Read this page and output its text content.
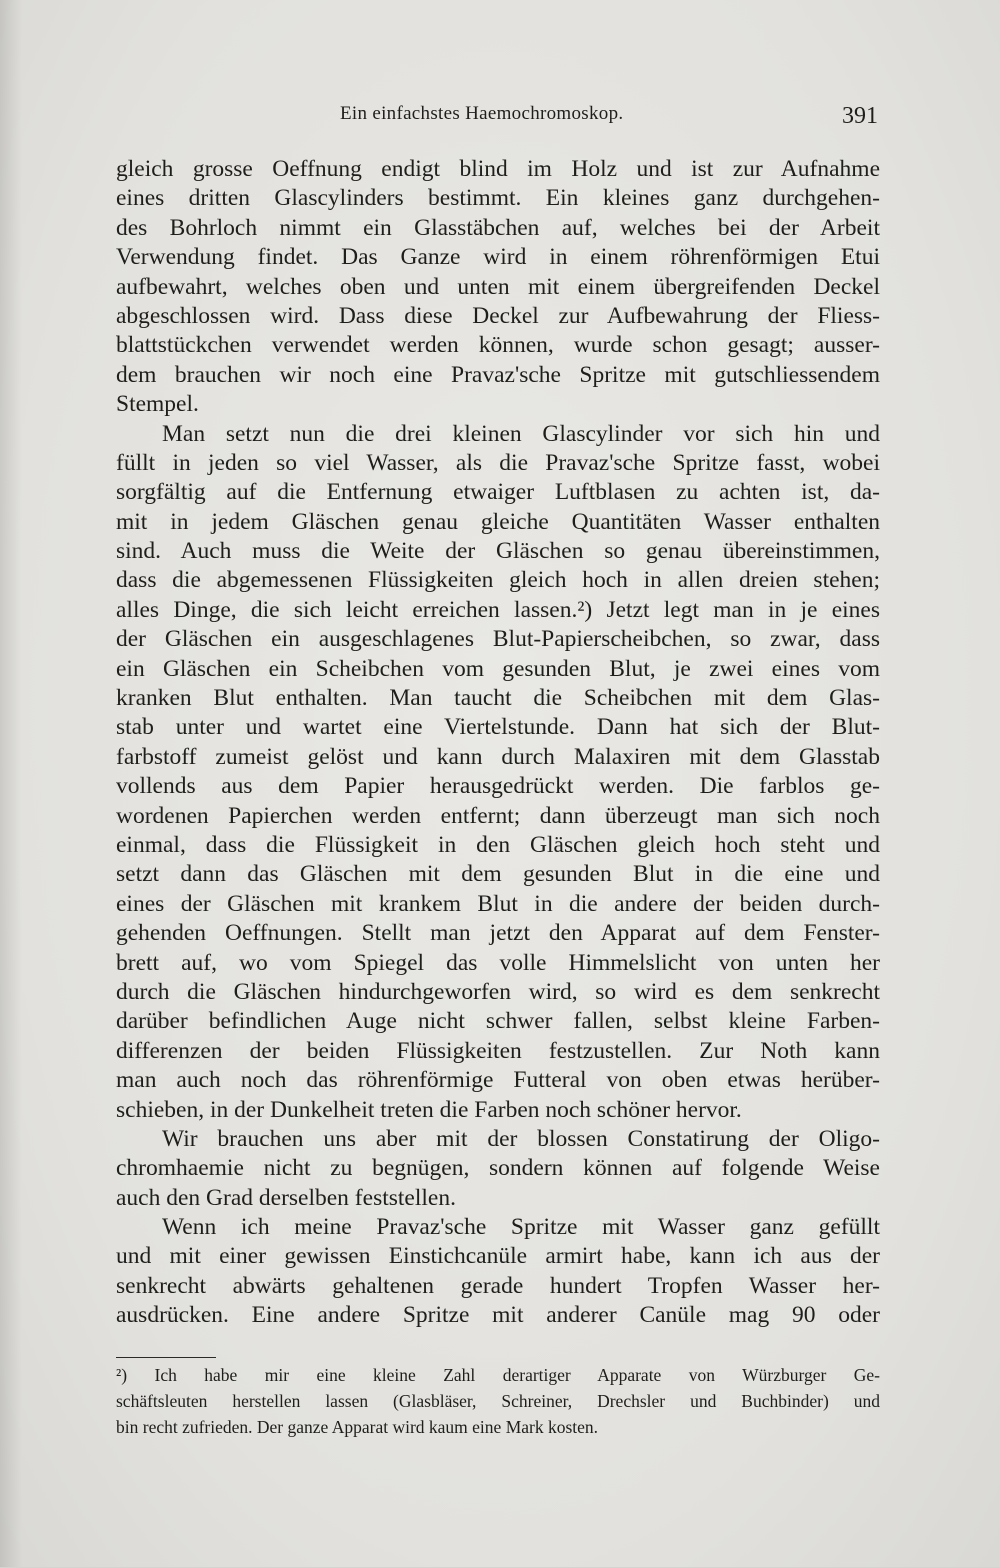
Ein einfachstes Haemochromoskop.	391
gleich grosse Oeffnung endigt blind im Holz und ist zur Aufnahme
eines dritten Glascylinders bestimmt. Ein kleines ganz durchgehen-
des Bohrloch nimmt ein Glasstäbchen auf, welches bei der Arbeit
Verwendung findet. Das Ganze wird in einem röhrenförmigen Etui
aufbewahrt, welches oben und unten mit einem übergreifenden Deckel
abgeschlossen wird. Dass diese Deckel zur Aufbewahrung der Fliess-
blattstückchen verwendet werden können, wurde schon gesagt; ausser-
dem brauchen wir noch eine Pravaz'sche Spritze mit gutschliessendem
Stempel.
Man setzt nun die drei kleinen Glascylinder vor sich hin und
füllt in jeden so viel Wasser, als die Pravaz'sche Spritze fasst, wobei
sorgfältig auf die Entfernung etwaiger Luftblasen zu achten ist, da-
mit in jedem Gläschen genau gleiche Quantitäten Wasser enthalten
sind. Auch muss die Weite der Gläschen so genau übereinstimmen,
dass die abgemessenen Flüssigkeiten gleich hoch in allen dreien stehen;
alles Dinge, die sich leicht erreichen lassen.²) Jetzt legt man in je eines
der Gläschen ein ausgeschlagenes Blut-Papierscheibchen, so zwar, dass
ein Gläschen ein Scheibchen vom gesunden Blut, je zwei eines vom
kranken Blut enthalten. Man taucht die Scheibchen mit dem Glas-
stab unter und wartet eine Viertelstunde. Dann hat sich der Blut-
farbstoff zumeist gelöst und kann durch Malaxiren mit dem Glasstab
vollends aus dem Papier herausgedrückt werden. Die farblos ge-
wordenen Papierchen werden entfernt; dann überzeugt man sich noch
einmal, dass die Flüssigkeit in den Gläschen gleich hoch steht und
setzt dann das Gläschen mit dem gesunden Blut in die eine und
eines der Gläschen mit krankem Blut in die andere der beiden durch-
gehenden Oeffnungen. Stellt man jetzt den Apparat auf dem Fenster-
brett auf, wo vom Spiegel das volle Himmelslicht von unten her
durch die Gläschen hindurchgeworfen wird, so wird es dem senkrecht
darüber befindlichen Auge nicht schwer fallen, selbst kleine Farben-
differenzen der beiden Flüssigkeiten festzustellen. Zur Noth kann
man auch noch das röhrenförmige Futteral von oben etwas herüber-
schieben, in der Dunkelheit treten die Farben noch schöner hervor.
Wir brauchen uns aber mit der blossen Constatirung der Oligo-
chromhaemie nicht zu begnügen, sondern können auf folgende Weise
auch den Grad derselben feststellen.
Wenn ich meine Pravaz'sche Spritze mit Wasser ganz gefüllt
und mit einer gewissen Einstichcanüle armirt habe, kann ich aus der
senkrecht abwärts gehaltenen gerade hundert Tropfen Wasser her-
ausdrücken. Eine andere Spritze mit anderer Canüle mag 90 oder
²) Ich habe mir eine kleine Zahl derartiger Apparate von Würzburger Ge-
schäftsleuten herstellen lassen (Glasbläser, Schreiner, Drechsler und Buchbinder) und
bin recht zufrieden. Der ganze Apparat wird kaum eine Mark kosten.
